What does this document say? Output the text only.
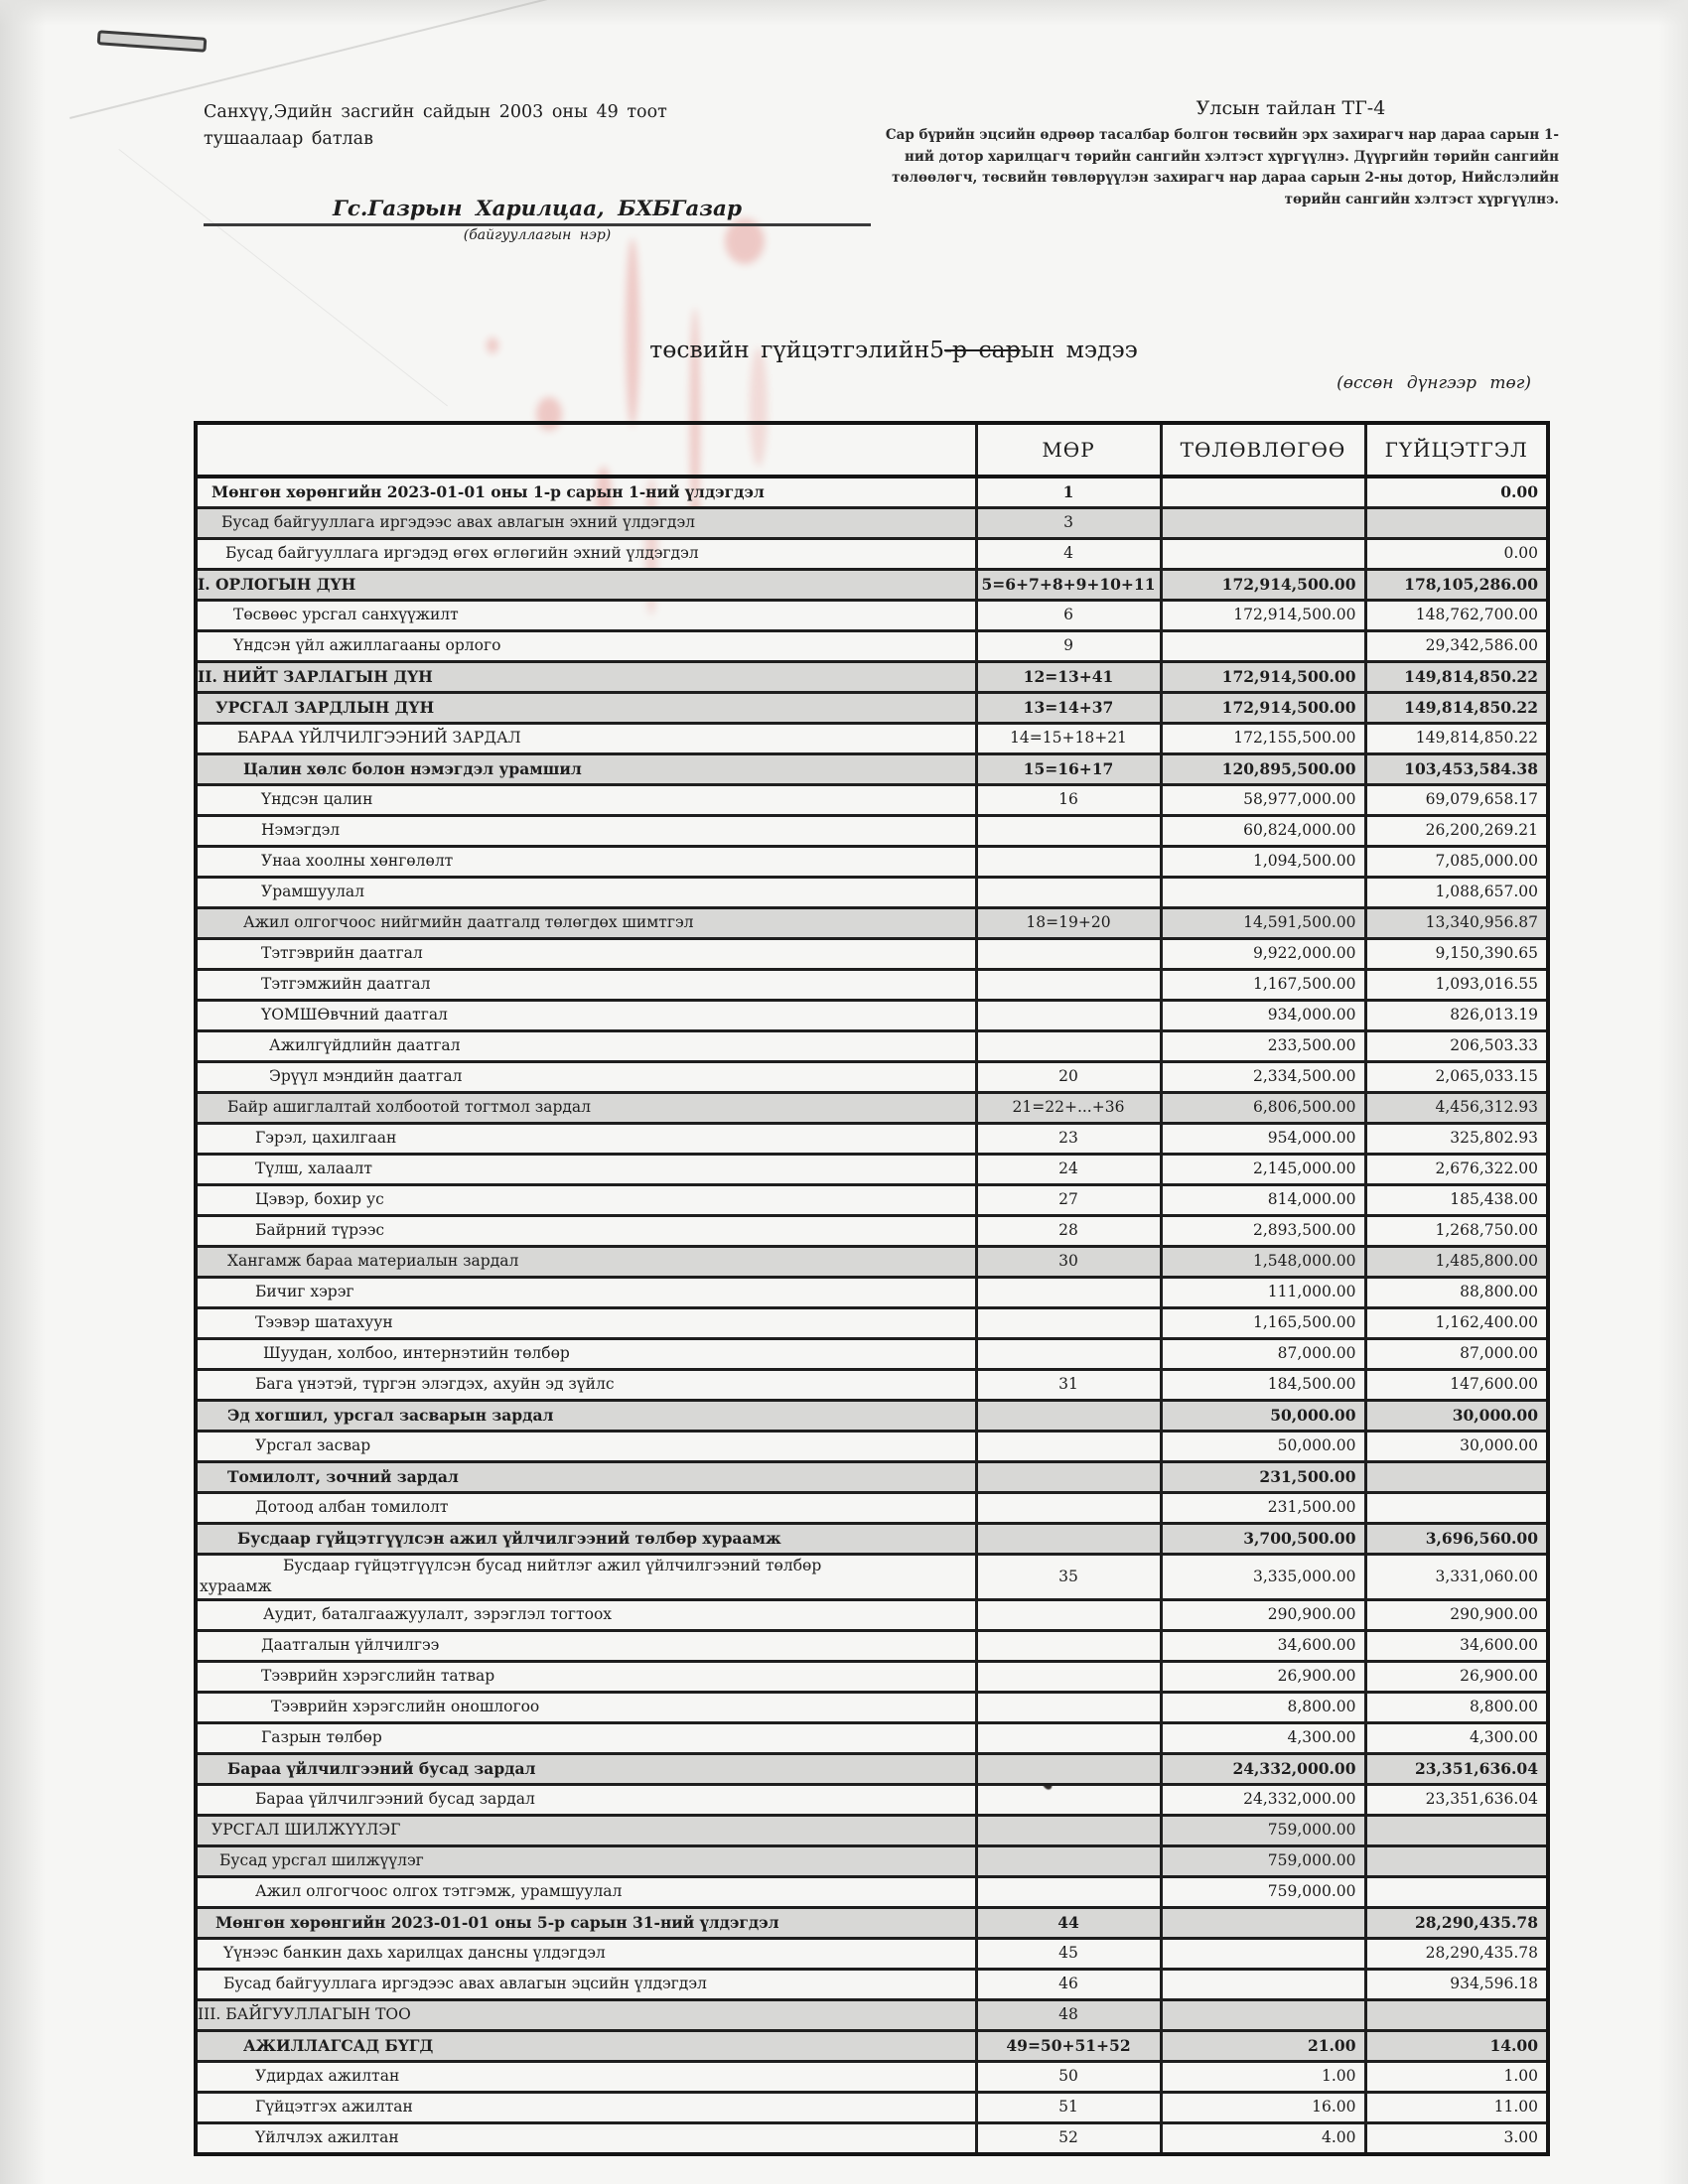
Санхүү,Эдийн засгийн сайдын 2003 оны 49 тоот тушаалаар батлав
Улсын тайлан ТГ-4
Сар бүрийн эцсийн өдрөөр тасалбар болгон төсвийн эрх захирагч нар дараа сарын 1-ний дотор харилцагч төрийн сангийн хэлтэст хүргүүлнэ. Дүүргийн төрийн сангийн төлөөлөгч, төсвийн төвлөрүүлэн захирагч нар дараа сарын 2-ны дотор, Нийслэлийн төрийн сангийн хэлтэст хүргүүлнэ.
Гс.Газрын Харилцаа, БХБГазар
(байгууллагын нэр)
төсвийн гүйцэтгэлийн5-р сарын мэдээ
(өссөн дүнгээр төг)
	МӨР	ТӨЛӨВЛӨГӨӨ	ГҮЙЦЭТГЭЛ

Мөнгөн хөрөнгийн 2023-01-01 оны 1-р сарын 1-ний үлдэгдэл	1		0.00

Бусад байгууллага иргэдээс авах авлагын эхний үлдэгдэл	3		

Бусад байгууллага иргэдэд өгөх өглөгийн эхний үлдэгдэл	4		0.00

I. ОРЛОГЫН ДҮН	5=6+7+8+9+10+11	172,914,500.00	178,105,286.00

Төсвөөс урсгал санхүүжилт	6	172,914,500.00	148,762,700.00

Үндсэн үйл ажиллагааны орлого	9		29,342,586.00

II. НИЙТ ЗАРЛАГЫН ДҮН	12=13+41	172,914,500.00	149,814,850.22

УРСГАЛ ЗАРДЛЫН ДҮН	13=14+37	172,914,500.00	149,814,850.22

БАРАА ҮЙЛЧИЛГЭЭНИЙ ЗАРДАЛ	14=15+18+21	172,155,500.00	149,814,850.22

Цалин хөлс болон нэмэгдэл урамшил	15=16+17	120,895,500.00	103,453,584.38

Үндсэн цалин	16	58,977,000.00	69,079,658.17

Нэмэгдэл		60,824,000.00	26,200,269.21

Унаа хоолны хөнгөлөлт		1,094,500.00	7,085,000.00

Урамшуулал			1,088,657.00

Ажил олгогчоос нийгмийн даатгалд төлөгдөх шимтгэл	18=19+20	14,591,500.00	13,340,956.87

Тэтгэврийн даатгал		9,922,000.00	9,150,390.65

Тэтгэмжийн даатгал		1,167,500.00	1,093,016.55

ҮОМШӨвчний даатгал		934,000.00	826,013.19

Ажилгүйдлийн даатгал		233,500.00	206,503.33

Эрүүл мэндийн даатгал	20	2,334,500.00	2,065,033.15

Байр ашиглалтай холбоотой тогтмол зардал	21=22+...+36	6,806,500.00	4,456,312.93

Гэрэл, цахилгаан	23	954,000.00	325,802.93

Түлш, халаалт	24	2,145,000.00	2,676,322.00

Цэвэр, бохир ус	27	814,000.00	185,438.00

Байрний түрээс	28	2,893,500.00	1,268,750.00

Хангамж бараа материалын зардал	30	1,548,000.00	1,485,800.00

Бичиг хэрэг		111,000.00	88,800.00

Тээвэр шатахуун		1,165,500.00	1,162,400.00

Шуудан, холбоо, интернэтийн төлбөр		87,000.00	87,000.00

Бага үнэтэй, түргэн элэгдэх, ахуйн эд зүйлс	31	184,500.00	147,600.00

Эд хогшил, урсгал засварын зардал		50,000.00	30,000.00

Урсгал засвар		50,000.00	30,000.00

Томилолт, зочний зардал		231,500.00	

Дотоод албан томилолт		231,500.00	

Бусдаар гүйцэтгүүлсэн ажил үйлчилгээний төлбөр хураамж		3,700,500.00	3,696,560.00

Бусдаар гүйцэтгүүлсэн бусад нийтлэг ажил үйлчилгээний төлбөр
хураамж	35	3,335,000.00	3,331,060.00

Аудит, баталгаажуулалт, зэрэглэл тогтоох		290,900.00	290,900.00

Даатгалын үйлчилгээ		34,600.00	34,600.00

Тээврийн хэрэгслийн татвар		26,900.00	26,900.00

Тээврийн хэрэгслийн оношлогоо		8,800.00	8,800.00

Газрын төлбөр		4,300.00	4,300.00

Бараа үйлчилгээний бусад зардал		24,332,000.00	23,351,636.04

Бараа үйлчилгээний бусад зардал		24,332,000.00	23,351,636.04

УРСГАЛ ШИЛЖҮҮЛЭГ		759,000.00	

Бусад урсгал шилжүүлэг		759,000.00	

Ажил олгогчоос олгох тэтгэмж, урамшуулал		759,000.00	

Мөнгөн хөрөнгийн 2023-01-01 оны 5-р сарын 31-ний үлдэгдэл	44		28,290,435.78

Үүнээс банкин дахь харилцах дансны үлдэгдэл	45		28,290,435.78

Бусад байгууллага иргэдээс авах авлагын эцсийн үлдэгдэл	46		934,596.18

III. БАЙГУУЛЛАГЫН ТОО	48		

АЖИЛЛАГСАД БҮГД	49=50+51+52	21.00	14.00

Удирдах ажилтан	50	1.00	1.00

Гүйцэтгэх ажилтан	51	16.00	11.00

Үйлчлэх ажилтан	52	4.00	3.00
